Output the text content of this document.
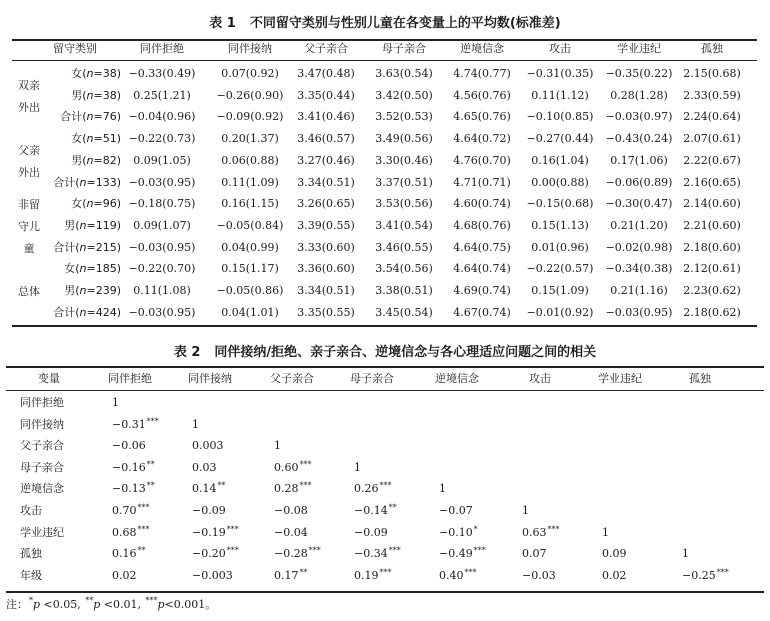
表 1 不同留守类别与性别儿童在各变量上的平均数(标准差)
留守类别	同伴拒绝	同伴接纳	父子亲合	母子亲合	逆境信念	攻击	学业违纪	孤独
双亲
外出
女(n=38) −0.33(0.49)	0.07(0.92)	3.47(0.48)	3.63(0.54)	4.74(0.77)	−0.31(0.35)	−0.35(0.22) 2.15(0.68)
男(n=38)	0.25(1.21)	−0.26(0.90)	3.35(0.44)	3.42(0.50)	4.56(0.76)	0.11(1.12)	0.28(1.28)	2.33(0.59)
合计(n=76) −0.04(0.96)	−0.09(0.92)	3.41(0.46)	3.52(0.53)	4.65(0.76)	−0.10(0.85)	−0.03(0.97) 2.24(0.64)
父亲
外出
女(n=51) −0.22(0.73)	0.20(1.37)	3.46(0.57)	3.49(0.56)	4.64(0.72)	−0.27(0.44)	−0.43(0.24) 2.07(0.61)
男(n=82)	0.09(1.05)	0.06(0.88)	3.27(0.46)	3.30(0.46)	4.76(0.70)	0.16(1.04)	0.17(1.06)	2.22(0.67)
合计(n=133) −0.03(0.95)	0.11(1.09)	3.34(0.51)	3.37(0.51)	4.71(0.71)	0.00(0.88)	−0.06(0.89) 2.16(0.65)
非留
守儿
童
女(n=96) −0.18(0.75)	0.16(1.15)	3.26(0.65)	3.53(0.56)	4.60(0.74)	−0.15(0.68)	−0.30(0.47) 2.14(0.60)
男(n=119)	0.09(1.07)	−0.05(0.84)	3.39(0.55)	3.41(0.54)	4.68(0.76)	0.15(1.13)	0.21(1.20)	2.21(0.60)
合计(n=215) −0.03(0.95)	0.04(0.99)	3.33(0.60)	3.46(0.55)	4.64(0.75)	0.01(0.96)	−0.02(0.98) 2.18(0.60)
总体
女(n=185) −0.22(0.70)	0.15(1.17)	3.36(0.60)	3.54(0.56)	4.64(0.74)	−0.22(0.57)	−0.34(0.38) 2.12(0.61)
男(n=239)	0.11(1.08)	−0.05(0.86)	3.34(0.51)	3.38(0.51)	4.69(0.74)	0.15(1.09)	0.21(1.16)	2.23(0.62)
合计(n=424) −0.03(0.95)	0.04(1.01)	3.35(0.55)	3.45(0.54)	4.67(0.74)	−0.01(0.92)	−0.03(0.95) 2.18(0.62)
表 2 同伴接纳/拒绝、亲子亲合、逆境信念与各心理适应问题之间的相关
变量	同伴拒绝	同伴接纳	父子亲合	母子亲合	逆境信念	攻击	学业违纪	孤独
同伴拒绝	1
同伴接纳	−0.31***	1
父子亲合	−0.06	0.003	1
母子亲合	−0.16**	0.03	0.60***	1
逆境信念	−0.13**	0.14**	0.28***	0.26***	1
攻击	0.70***	−0.09	−0.08	−0.14**	−0.07	1
学业违纪	0.68***	−0.19***	−0.04	−0.09	−0.10*	0.63***	1
孤独	0.16**	−0.20***	−0.28***	−0.34***	−0.49***	0.07	0.09	1
年级	0.02	−0.003	0.17**	0.19***	0.40***	−0.03	0.02	−0.25***
注：*p <0.05, **p <0.01, ***p<0.001。
